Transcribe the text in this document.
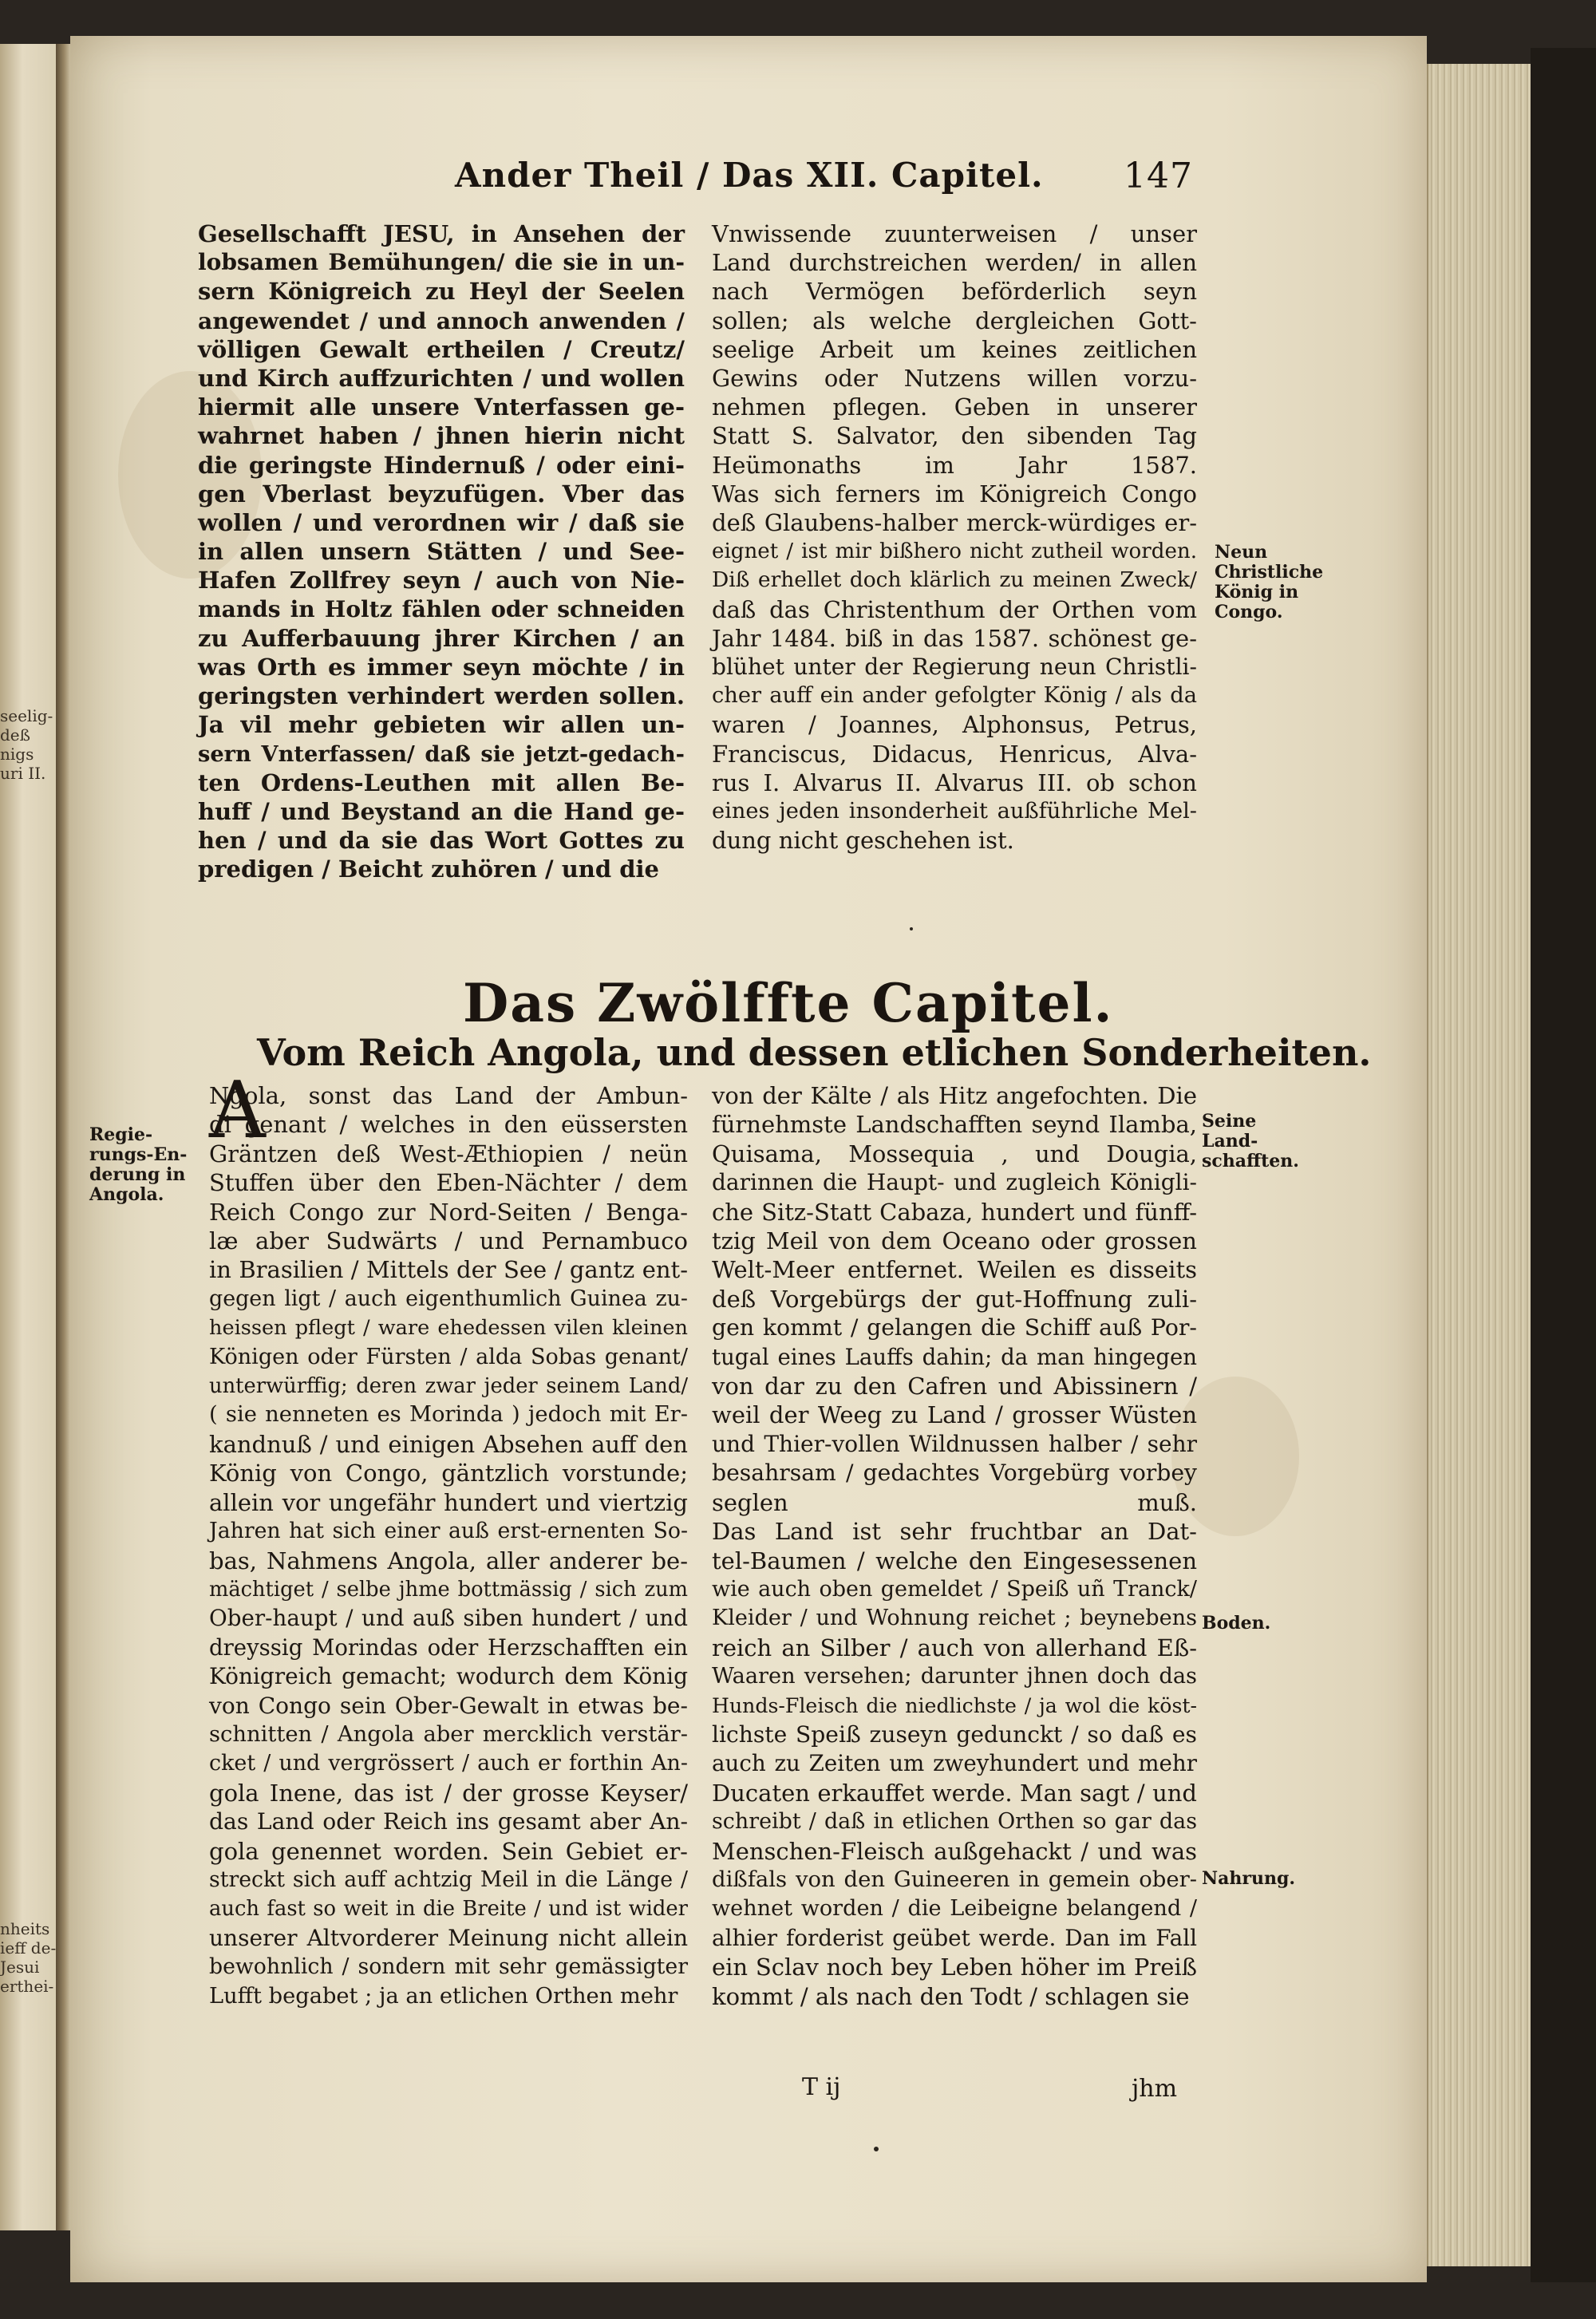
seelig-
deß
nigs
uri II.
nheits
ieff de-
Jesui
erthei-
Ander Theil / Das XII. Capitel. 147
Gesellschafft JESU, in Ansehen der
lobsamen Bemühungen/ die sie in un-
sern Königreich zu Heyl der Seelen
angewendet / und annoch anwenden /
völligen Gewalt ertheilen / Creutz/
und Kirch auffzurichten / und wollen
hiermit alle unsere Vnterfassen ge-
wahrnet haben / jhnen hierin nicht
die geringste Hindernuß / oder eini-
gen Vberlast beyzufügen. Vber das
wollen / und verordnen wir / daß sie
in allen unsern Stätten / und See-
Hafen Zollfrey seyn / auch von Nie-
mands in Holtz fählen oder schneiden
zu Aufferbauung jhrer Kirchen / an
was Orth es immer seyn möchte / in
geringsten verhindert werden sollen.
Ja vil mehr gebieten wir allen un-
sern Vnterfassen/ daß sie jetzt-gedach-
ten Ordens-Leuthen mit allen Be-
huff / und Beystand an die Hand ge-
hen / und da sie das Wort Gottes zu
predigen / Beicht zuhören / und die
Vnwissende zuunterweisen / unser
Land durchstreichen werden/ in allen
nach Vermögen beförderlich seyn
sollen; als welche dergleichen Gott-
seelige Arbeit um keines zeitlichen
Gewins oder Nutzens willen vorzu-
nehmen pflegen. Geben in unserer
Statt S. Salvator, den sibenden Tag
Heümonaths im Jahr 1587.
Was sich ferners im Königreich Congo
deß Glaubens-halber merck-würdiges er-
eignet / ist mir bißhero nicht zutheil worden.
Diß erhellet doch klärlich zu meinen Zweck/
daß das Christenthum der Orthen vom
Jahr 1484. biß in das 1587. schönest ge-
blühet unter der Regierung neun Christli-
cher auff ein ander gefolgter König / als da
waren / Joannes, Alphonsus, Petrus,
Franciscus, Didacus, Henricus, Alva-
rus I. Alvarus II. Alvarus III. ob schon
eines jeden insonderheit außführliche Mel-
dung nicht geschehen ist.
Neun
Christliche
König in
Congo.
Das Zwölffte Capitel.
Vom Reich Angola, und dessen etlichen Sonderheiten.
A
Ngola, sonst das Land der Ambun-
di genant / welches in den eüssersten
Gräntzen deß West-Æthiopien / neün
Stuffen über den Eben-Nächter / dem
Reich Congo zur Nord-Seiten / Benga-
læ aber Sudwärts / und Pernambuco
in Brasilien / Mittels der See / gantz ent-
gegen ligt / auch eigenthumlich Guinea zu-
heissen pflegt / ware ehedessen vilen kleinen
Königen oder Fürsten / alda Sobas genant/
unterwürffig; deren zwar jeder seinem Land/
( sie nenneten es Morinda ) jedoch mit Er-
kandnuß / und einigen Absehen auff den
König von Congo, gäntzlich vorstunde;
allein vor ungefähr hundert und viertzig
Jahren hat sich einer auß erst-ernenten So-
bas, Nahmens Angola, aller anderer be-
mächtiget / selbe jhme bottmässig / sich zum
Ober-haupt / und auß siben hundert / und
dreyssig Morindas oder Herzschafften ein
Königreich gemacht; wodurch dem König
von Congo sein Ober-Gewalt in etwas be-
schnitten / Angola aber mercklich verstär-
cket / und vergrössert / auch er forthin An-
gola Inene, das ist / der grosse Keyser/
das Land oder Reich ins gesamt aber An-
gola genennet worden. Sein Gebiet er-
streckt sich auff achtzig Meil in die Länge /
auch fast so weit in die Breite / und ist wider
unserer Altvorderer Meinung nicht allein
bewohnlich / sondern mit sehr gemässigter
Lufft begabet ; ja an etlichen Orthen mehr
von der Kälte / als Hitz angefochten. Die
fürnehmste Landschafften seynd Ilamba,
Quisama, Mossequia , und Dougia,
darinnen die Haupt- und zugleich Königli-
che Sitz-Statt Cabaza, hundert und fünff-
tzig Meil von dem Oceano oder grossen
Welt-Meer entfernet. Weilen es disseits
deß Vorgebürgs der gut-Hoffnung zuli-
gen kommt / gelangen die Schiff auß Por-
tugal eines Lauffs dahin; da man hingegen
von dar zu den Cafren und Abissinern /
weil der Weeg zu Land / grosser Wüsten
und Thier-vollen Wildnussen halber / sehr
besahrsam / gedachtes Vorgebürg vorbey
seglen muß.
Das Land ist sehr fruchtbar an Dat-
tel-Baumen / welche den Eingesessenen
wie auch oben gemeldet / Speiß uñ Tranck/
Kleider / und Wohnung reichet ; beynebens
reich an Silber / auch von allerhand Eß-
Waaren versehen; darunter jhnen doch das
Hunds-Fleisch die niedlichste / ja wol die köst-
lichste Speiß zuseyn gedunckt / so daß es
auch zu Zeiten um zweyhundert und mehr
Ducaten erkauffet werde. Man sagt / und
schreibt / daß in etlichen Orthen so gar das
Menschen-Fleisch außgehackt / und was
dißfals von den Guineeren in gemein ober-
wehnet worden / die Leibeigne belangend /
alhier forderist geübet werde. Dan im Fall
ein Sclav noch bey Leben höher im Preiß
kommt / als nach den Todt / schlagen sie
Regie-
rungs-En-
derung in
Angola.
Seine
Land-
schafften.
Boden.
Nahrung.
T ij	jhm
